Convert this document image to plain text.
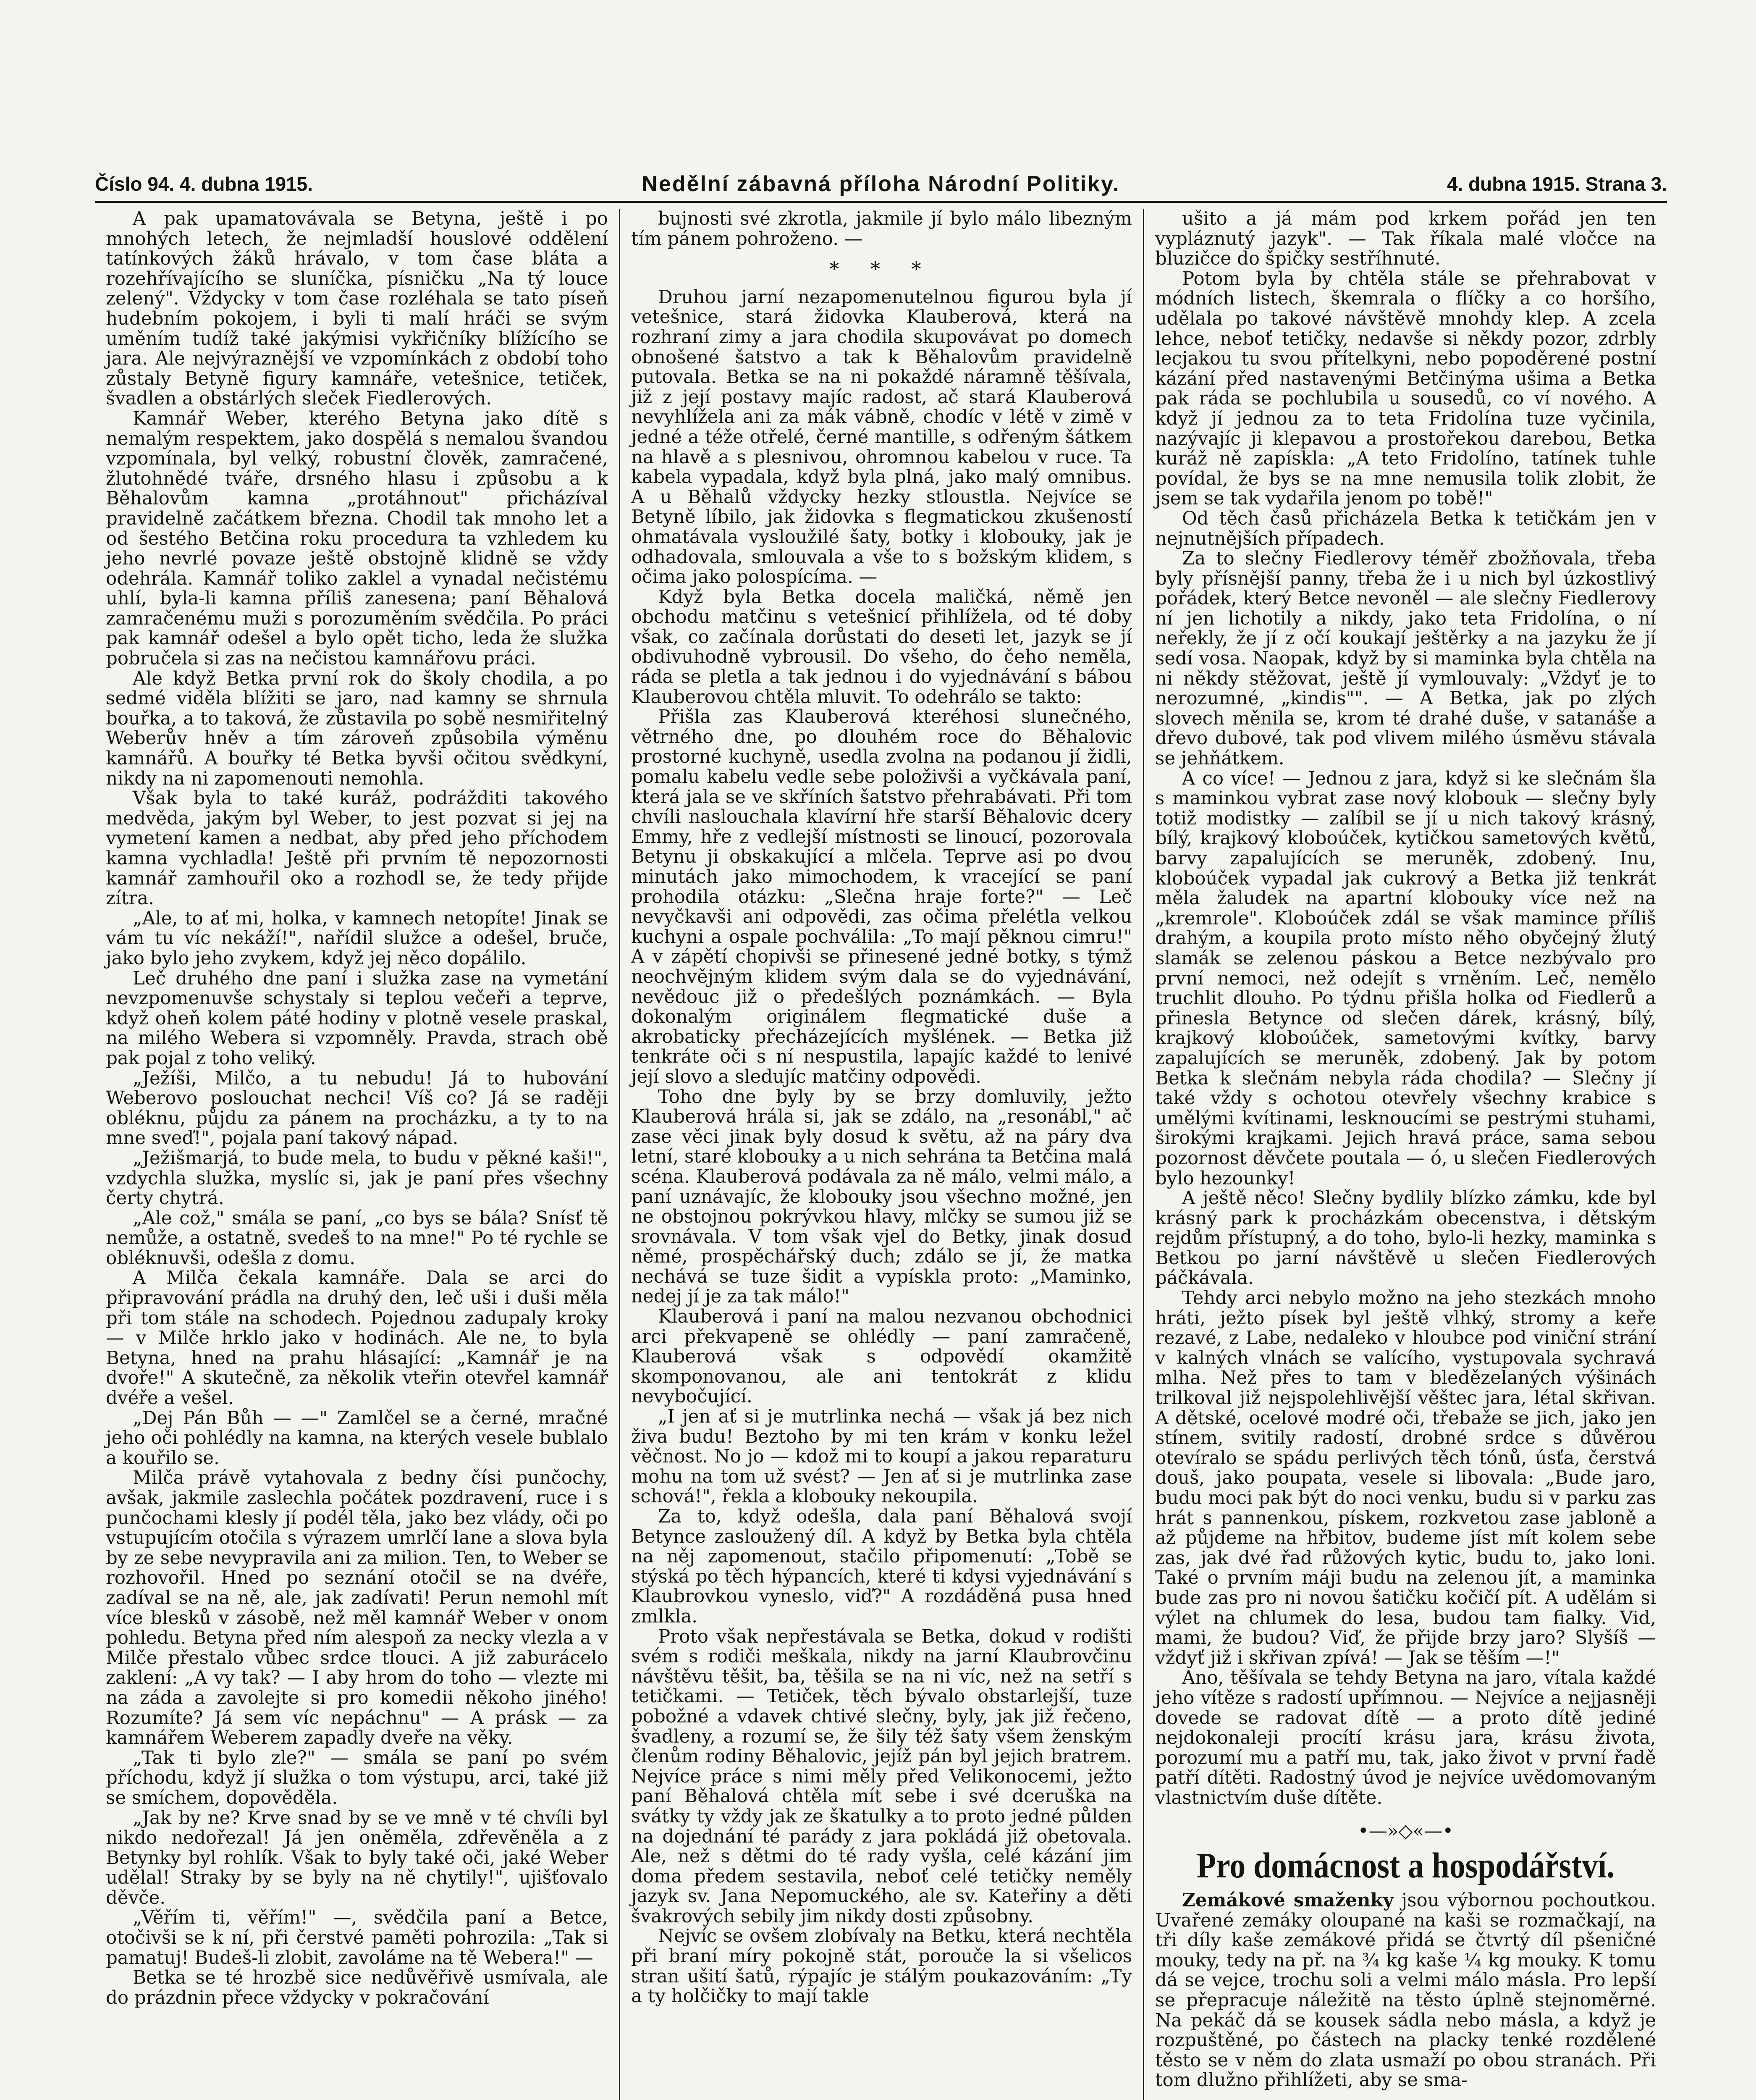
Číslo 94. 4. dubna 1915.	Nedělní zábavná příloha Národní Politiky.	4. dubna 1915. Strana 3.

A pak upamatovávala se Betyna, ještě i po mnohých letech, že nejmladší houslové oddělení tatínkových žáků hrávalo, v tom čase bláta a rozehřívajícího se sluníčka, písničku „Na tý louce zelený". Vždycky v tom čase rozléhala se tato píseň hudebním pokojem, i byli ti malí hráči se svým uměním tudíž také jakýmisi vykřičníky blížícího se jara. Ale nejvýraznější ve vzpomínkách z období toho zůstaly Betyně figury kamnáře, vetešnice, tetiček, švadlen a obstárlých sleček Fiedlerových.

Kamnář Weber, kterého Betyna jako dítě s nemalým respektem, jako dospělá s nemalou švandou vzpomínala, byl velký, robustní člověk, zamračené, žlutohnědé tváře, drsného hlasu i způsobu a k Běhalovům kamna „protáhnout" přicházíval pravidelně začátkem března. Chodil tak mnoho let a od šestého Betčina roku procedura ta vzhledem ku jeho nevrlé povaze ještě obstojně klidně se vždy odehrála. Kamnář toliko zaklel a vynadal nečistému uhlí, byla-li kamna příliš zanesena; paní Běhalová zamračenému muži s porozuměním svědčila. Po práci pak kamnář odešel a bylo opět ticho, leda že služka pobručela si zas na nečistou kamnářovu práci.

Ale když Betka první rok do školy chodila, a po sedmé viděla blížiti se jaro, nad kamny se shrnula bouřka, a to taková, že zůstavila po sobě nesmiřitelný Weberův hněv a tím zároveň způsobila výměnu kamnářů. A bouřky té Betka byvši očitou svědkyní, nikdy na ni zapomenouti nemohla.

Však byla to také kuráž, podrážditi takového medvěda, jakým byl Weber, to jest pozvat si jej na vymetení kamen a nedbat, aby před jeho příchodem kamna vychladla! Ještě při prvním tě nepozornosti kamnář zamhouřil oko a rozhodl se, že tedy přijde zítra.

„Ale, to ať mi, holka, v kamnech netopíte! Jinak se vám tu víc nekáží!", nařídil služce a odešel, bruče, jako bylo jeho zvykem, když jej něco dopálilo.

Leč druhého dne paní i služka zase na vymetání nevzpomenuvše schystaly si teplou večeři a teprve, když oheň kolem páté hodiny v plotně vesele praskal, na milého Webera si vzpomněly. Pravda, strach obě pak pojal z toho veliký.

„Ježíši, Milčo, a tu nebudu! Já to hubování Weberovo poslouchat nechci! Víš co? Já se raději obléknu, půjdu za pánem na procházku, a ty to na mne sveď!", pojala paní takový nápad.

„Ježišmarjá, to bude mela, to budu v pěkné kaši!", vzdychla služka, myslíc si, jak je paní přes všechny čerty chytrá.

„Ale což," smála se paní, „co bys se bála? Snísť tě nemůže, a ostatně, svedeš to na mne!" Po té rychle se obléknuvši, odešla z domu.

A Milča čekala kamnáře. Dala se arci do připravování prádla na druhý den, leč uši i duši měla při tom stále na schodech. Pojednou zadupaly kroky — v Milče hrklo jako v hodinách. Ale ne, to byla Betyna, hned na prahu hlásající: „Kamnář je na dvoře!" A skutečně, za několik vteřin otevřel kamnář dvéře a vešel.

„Dej Pán Bůh — —" Zamlčel se a černé, mračné jeho oči pohlédly na kamna, na kterých vesele bublalo a kouřilo se.

Milča právě vytahovala z bedny čísi punčochy, avšak, jakmile zaslechla počátek pozdravení, ruce i s punčochami klesly jí podél těla, jako bez vlády, oči po vstupujícím otočila s výrazem umrlčí lane a slova byla by ze sebe nevypravila ani za milion. Ten, to Weber se rozhovořil. Hned po seznání otočil se na dvéře, zadíval se na ně, ale, jak zadívati! Perun nemohl mít více blesků v zásobě, než měl kamnář Weber v onom pohledu. Betyna před ním alespoň za necky vlezla a v Milče přestalo vůbec srdce tlouci. A již zaburácelo zaklení: „A vy tak? — I aby hrom do toho — vlezte mi na záda a zavolejte si pro komedii někoho jiného! Rozumíte? Já sem víc nepáchnu" — A prásk — za kamnářem Weberem zapadly dveře na věky.

„Tak ti bylo zle?" — smála se paní po svém příchodu, když jí služka o tom výstupu, arci, také již se smíchem, dopověděla.

„Jak by ne? Krve snad by se ve mně v té chvíli byl nikdo nedořezal! Já jen oněměla, zdřevěněla a z Betynky byl rohlík. Však to byly také oči, jaké Weber udělal! Straky by se byly na ně chytily!", ujišťovalo děvče.

„Věřím ti, věřím!" —, svědčila paní a Betce, otočivši se k ní, při čerstvé paměti pohrozila: „Tak si pamatuj! Budeš-li zlobit, zavoláme na tě Webera!" —

Betka se té hrozbě sice nedůvěřivě usmívala, ale do prázdnin přece vždycky v pokračování

bujnosti své zkrotla, jakmile jí bylo málo libezným tím pánem pohroženo. —

* * *

Druhou jarní nezapomenutelnou figurou byla jí vetešnice, stará židovka Klauberová, která na rozhraní zimy a jara chodila skupovávat po domech obnošené šatstvo a tak k Běhalovům pravidelně putovala. Betka se na ni pokaždé náramně těšívala, již z její postavy majíc radost, ač stará Klauberová nevyhlížela ani za mák vábně, chodíc v létě v zimě v jedné a téže otřelé, černé mantille, s odřeným šátkem na hlavě a s plesnivou, ohromnou kabelou v ruce. Ta kabela vypadala, když byla plná, jako malý omnibus. A u Běhalů vždycky hezky stloustla. Nejvíce se Betyně líbilo, jak židovka s flegmatickou zkušeností ohmatávala vysloužilé šaty, botky i klobouky, jak je odhadovala, smlouvala a vše to s božským klidem, s očima jako polospícíma. —

Když byla Betka docela maličká, němě jen obchodu matčinu s vetešnicí přihlížela, od té doby však, co začínala dorůstati do deseti let, jazyk se jí obdivuhodně vybrousil. Do všeho, do čeho neměla, ráda se pletla a tak jednou i do vyjednávání s bábou Klauberovou chtěla mluvit. To odehrálo se takto:

Přišla zas Klauberová kteréhosi slunečného, větrného dne, po dlouhém roce do Běhalovic prostorné kuchyně, usedla zvolna na podanou jí židli, pomalu kabelu vedle sebe položivši a vyčkávala paní, která jala se ve skříních šatstvo přehrabávati. Při tom chvíli naslouchala klavírní hře starší Běhalovic dcery Emmy, hře z vedlejší místnosti se linoucí, pozorovala Betynu ji obskakující a mlčela. Teprve asi po dvou minutách jako mimochodem, k vracející se paní prohodila otázku: „Slečna hraje forte?" — Leč nevyčkavši ani odpovědi, zas očima přelétla velkou kuchyni a ospale pochválila: „To mají pěknou cimru!" A v zápětí chopivši se přinesené jedné botky, s týmž neochvějným klidem svým dala se do vyjednávání, nevědouc již o předešlých poznámkách. — Byla dokonalým originálem flegmatické duše a akrobaticky přecházejících myšlének. — Betka již tenkráte oči s ní nespustila, lapajíc každé to lenivé její slovo a sledujíc matčiny odpovědi.

Toho dne byly by se brzy domluvily, ježto Klauberová hrála si, jak se zdálo, na „resonábl," ač zase věci jinak byly dosud k světu, až na páry dva letní, staré klobouky a u nich sehrána ta Betčina malá scéna. Klauberová podávala za ně málo, velmi málo, a paní uznávajíc, že klobouky jsou všechno možné, jen ne obstojnou pokrývkou hlavy, mlčky se sumou již se srovnávala. V tom však vjel do Betky, jinak dosud němé, prospěchářský duch; zdálo se jí, že matka nechává se tuze šidit a vypískla proto: „Maminko, nedej jí je za tak málo!"

Klauberová i paní na malou nezvanou obchodnici arci překvapeně se ohlédly — paní zamračeně, Klauberová však s odpovědí okamžitě skomponovanou, ale ani tentokrát z klidu nevybočující.

„I jen ať si je mutrlinka nechá — však já bez nich živa budu! Beztoho by mi ten krám v konku ležel věčnost. No jo — kdož mi to koupí a jakou reparaturu mohu na tom už svést? — Jen ať si je mutrlinka zase schová!", řekla a klobouky nekoupila.

Za to, když odešla, dala paní Běhalová svojí Betynce zasloužený díl. A když by Betka byla chtěla na něj zapomenout, stačilo připomenutí: „Tobě se stýská po těch hýpancích, které ti kdysi vyjednávání s Klaubrovkou vyneslo, viď?" A rozdáděná pusa hned zmlkla.

Proto však nepřestávala se Betka, dokud v rodišti svém s rodiči meškala, nikdy na jarní Klaubrovčinu návštěvu těšit, ba, těšila se na ni víc, než na setří s tetičkami. — Tetiček, těch bývalo obstarlejší, tuze pobožné a vdavek chtivé slečny, byly, jak již řečeno, švadleny, a rozumí se, že šily též šaty všem ženským členům rodiny Běhalovic, jejíž pán byl jejich bratrem. Nejvíce práce s nimi měly před Velikonocemi, ježto paní Běhalová chtěla mít sebe i své dceruška na svátky ty vždy jak ze škatulky a to proto jedné půlden na dojednání té parády z jara pokládá již obetovala. Ale, než s dětmi do té rady vyšla, celé kázání jim doma předem sestavila, neboť celé tetičky neměly jazyk sv. Jana Nepomuckého, ale sv. Kateřiny a děti švakrových sebily jim nikdy dosti způsobny.

Nejvíc se ovšem zlobívaly na Betku, která nechtěla při braní míry pokojně stát, porouče la si všelicos stran ušití šatů, rýpajíc je stálým poukazováním: „Ty a ty holčičky to mají takle

ušito a já mám pod krkem pořád jen ten vypláznutý jazyk". — Tak říkala malé vločce na bluzičce do špičky sestříhnuté.

Potom byla by chtěla stále se přehrabovat v módních listech, škemrala o flíčky a co horšího, udělala po takové návštěvě mnohdy klep. A zcela lehce, neboť tetičky, nedavše si někdy pozor, zdrbly lecjakou tu svou přítelkyni, nebo popoděrené postní kázání před nastavenými Betčinýma ušima a Betka pak ráda se pochlubila u sousedů, co ví nového. A když jí jednou za to teta Fridolína tuze vyčinila, nazývajíc ji klepavou a prostořekou darebou, Betka kuráž ně zapískla: „A teto Fridolíno, tatínek tuhle povídal, že bys se na mne nemusila tolik zlobit, že jsem se tak vydařila jenom po tobě!"

Od těch časů přicházela Betka k tetičkám jen v nejnutnějších případech.

Za to slečny Fiedlerovy téměř zbožňovala, třeba byly přísnější panny, třeba že i u nich byl úzkostlivý pořádek, který Betce nevoněl — ale slečny Fiedlerovy ní jen lichotily a nikdy, jako teta Fridolína, o ní neřekly, že jí z očí koukají ještěrky a na jazyku že jí sedí vosa. Naopak, když by si maminka byla chtěla na ni někdy stěžovat, ještě jí vymlouvaly: „Vždyť je to nerozumné, „kindis"". — A Betka, jak po zlých slovech měnila se, krom té drahé duše, v satanáše a dřevo dubové, tak pod vlivem milého úsměvu stávala se jehňátkem.

A co více! — Jednou z jara, když si ke slečnám šla s maminkou vybrat zase nový klobouk — slečny byly totiž modistky — zalíbil se jí u nich takový krásný, bílý, krajkový kloboúček, kytičkou sametových květů, barvy zapalujících se meruněk, zdobený. Inu, kloboúček vypadal jak cukrový a Betka již tenkrát měla žaludek na apartní klobouky více než na „kremrole". Kloboúček zdál se však mamince příliš drahým, a koupila proto místo něho obyčejný žlutý slamák se zelenou páskou a Betce nezbývalo pro první nemoci, než odejít s vrněním. Leč, nemělo truchlit dlouho. Po týdnu přišla holka od Fiedlerů a přinesla Betynce od slečen dárek, krásný, bílý, krajkový kloboúček, sametovými kvítky, barvy zapalujících se meruněk, zdobený. Jak by potom Betka k slečnám nebyla ráda chodila? — Slečny jí také vždy s ochotou otevřely všechny krabice s umělými kvítinami, lesknoucími se pestrými stuhami, širokými krajkami. Jejich hravá práce, sama sebou pozornost děvčete poutala — ó, u slečen Fiedlerových bylo hezounky!

A ještě něco! Slečny bydlily blízko zámku, kde byl krásný park k procházkám obecenstva, i dětským rejdům přístupný, a do toho, bylo-li hezky, maminka s Betkou po jarní návštěvě u slečen Fiedlerových páčkávala.

Tehdy arci nebylo možno na jeho stezkách mnoho hráti, ježto písek byl ještě vlhký, stromy a keře rezavé, z Labe, nedaleko v hloubce pod viniční strání v kalných vlnách se valícího, vystupovala sychravá mlha. Než přes to tam v bledězelaných výšinách trilkoval již nejspolehlivější věštec jara, létal skřivan. A dětské, ocelové modré oči, třebaže se jich, jako jen stínem, svitily radostí, drobné srdce s důvěrou otevíralo se spádu perlivých těch tónů, úsťa, čerstvá douš, jako poupata, vesele si libovala: „Bude jaro, budu moci pak být do noci venku, budu si v parku zas hrát s pannenkou, pískem, rozkvetou zase jabloně a až půjdeme na hřbitov, budeme jíst mít kolem sebe zas, jak dvé řad růžových kytic, budu to, jako loni. Také o prvním máji budu na zelenou jít, a maminka bude zas pro ni novou šatičku kočičí pít. A udělám si výlet na chlumek do lesa, budou tam fialky. Vid, mami, že budou? Viď, že přijde brzy jaro? Slyšíš — vždyť již i skřivan zpívá! — Jak se těším —!"

Ano, těšívala se tehdy Betyna na jaro, vítala každé jeho vítěze s radostí upřímnou. — Nejvíce a nejjasněji dovede se radovat dítě — a proto dítě jediné nejdokonaleji procítí krásu jara, krásu života, porozumí mu a patří mu, tak, jako život v první řadě patří dítěti. Radostný úvod je nejvíce uvědomovaným vlastnictvím duše dítěte.

•—»◇«—•
Pro domácnost a hospodářství.

Zemákové smaženky jsou výbornou pochoutkou. Uvařené zemáky oloupané na kaši se rozmačkají, na tři díly kaše zemákové přidá se čtvrtý díl pšeničné mouky, tedy na př. na ¾ kg kaše ¼ kg mouky. K tomu dá se vejce, trochu soli a velmi málo másla. Pro lepší se přepracuje náležitě na těsto úplně stejnoměrné. Na pekáč dá se kousek sádla nebo másla, a když je rozpuštěné, po částech na placky tenké rozdělené těsto se v něm do zlata usmaží po obou stranách. Při tom dlužno přihlížeti, aby se sma-
